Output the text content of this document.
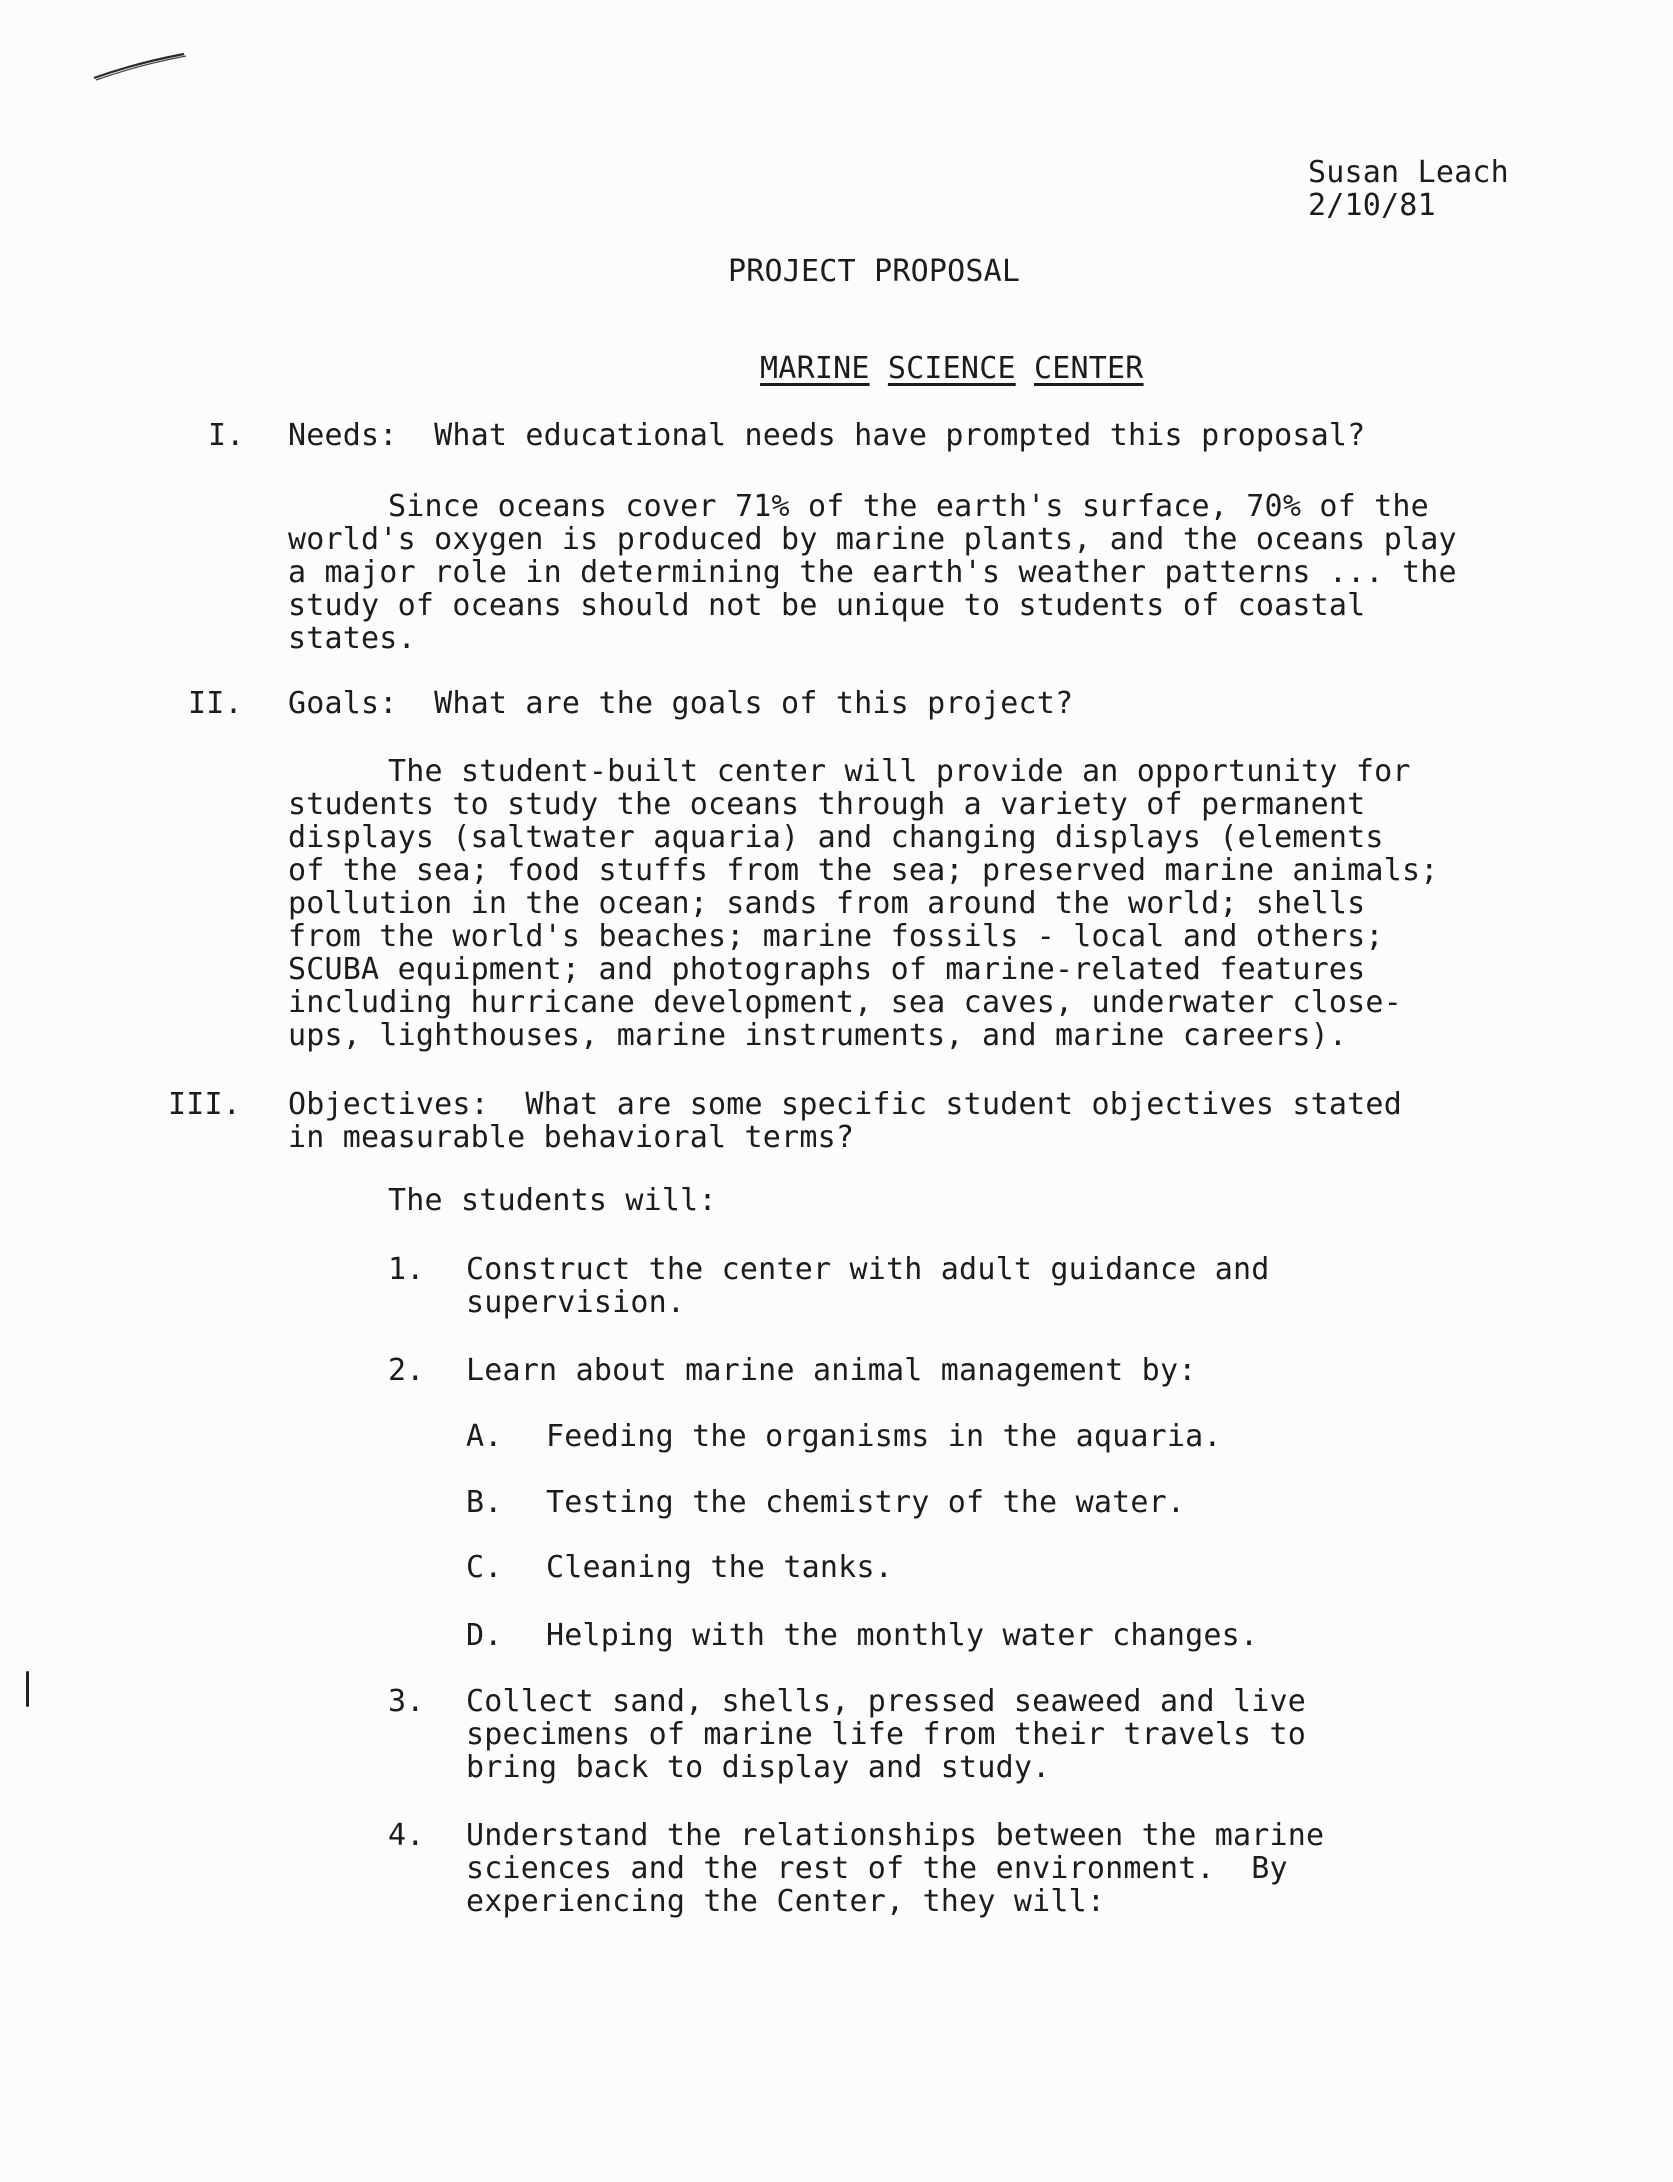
Susan Leach
2/10/81
PROJECT PROPOSAL

MARINE SCIENCE CENTER

I. Needs:  What educational needs have prompted this proposal?
Since oceans cover 71% of the earth's surface, 70% of the
world's oxygen is produced by marine plants, and the oceans play
a major role in determining the earth's weather patterns ... the
study of oceans should not be unique to students of coastal
states.
II. Goals:  What are the goals of this project?
The student-built center will provide an opportunity for
students to study the oceans through a variety of permanent
displays (saltwater aquaria) and changing displays (elements
of the sea; food stuffs from the sea; preserved marine animals;
pollution in the ocean; sands from around the world; shells
from the world's beaches; marine fossils - local and others;
SCUBA equipment; and photographs of marine-related features
including hurricane development, sea caves, underwater close-
ups, lighthouses, marine instruments, and marine careers).
III. Objectives:  What are some specific student objectives stated
in measurable behavioral terms?
The students will:
1. Construct the center with adult guidance and
supervision.
2. Learn about marine animal management by:
A. Feeding the organisms in the aquaria.
B. Testing the chemistry of the water.
C. Cleaning the tanks.
D. Helping with the monthly water changes.
3. Collect sand, shells, pressed seaweed and live
specimens of marine life from their travels to
bring back to display and study.
4. Understand the relationships between the marine
sciences and the rest of the environment.  By
experiencing the Center, they will:
